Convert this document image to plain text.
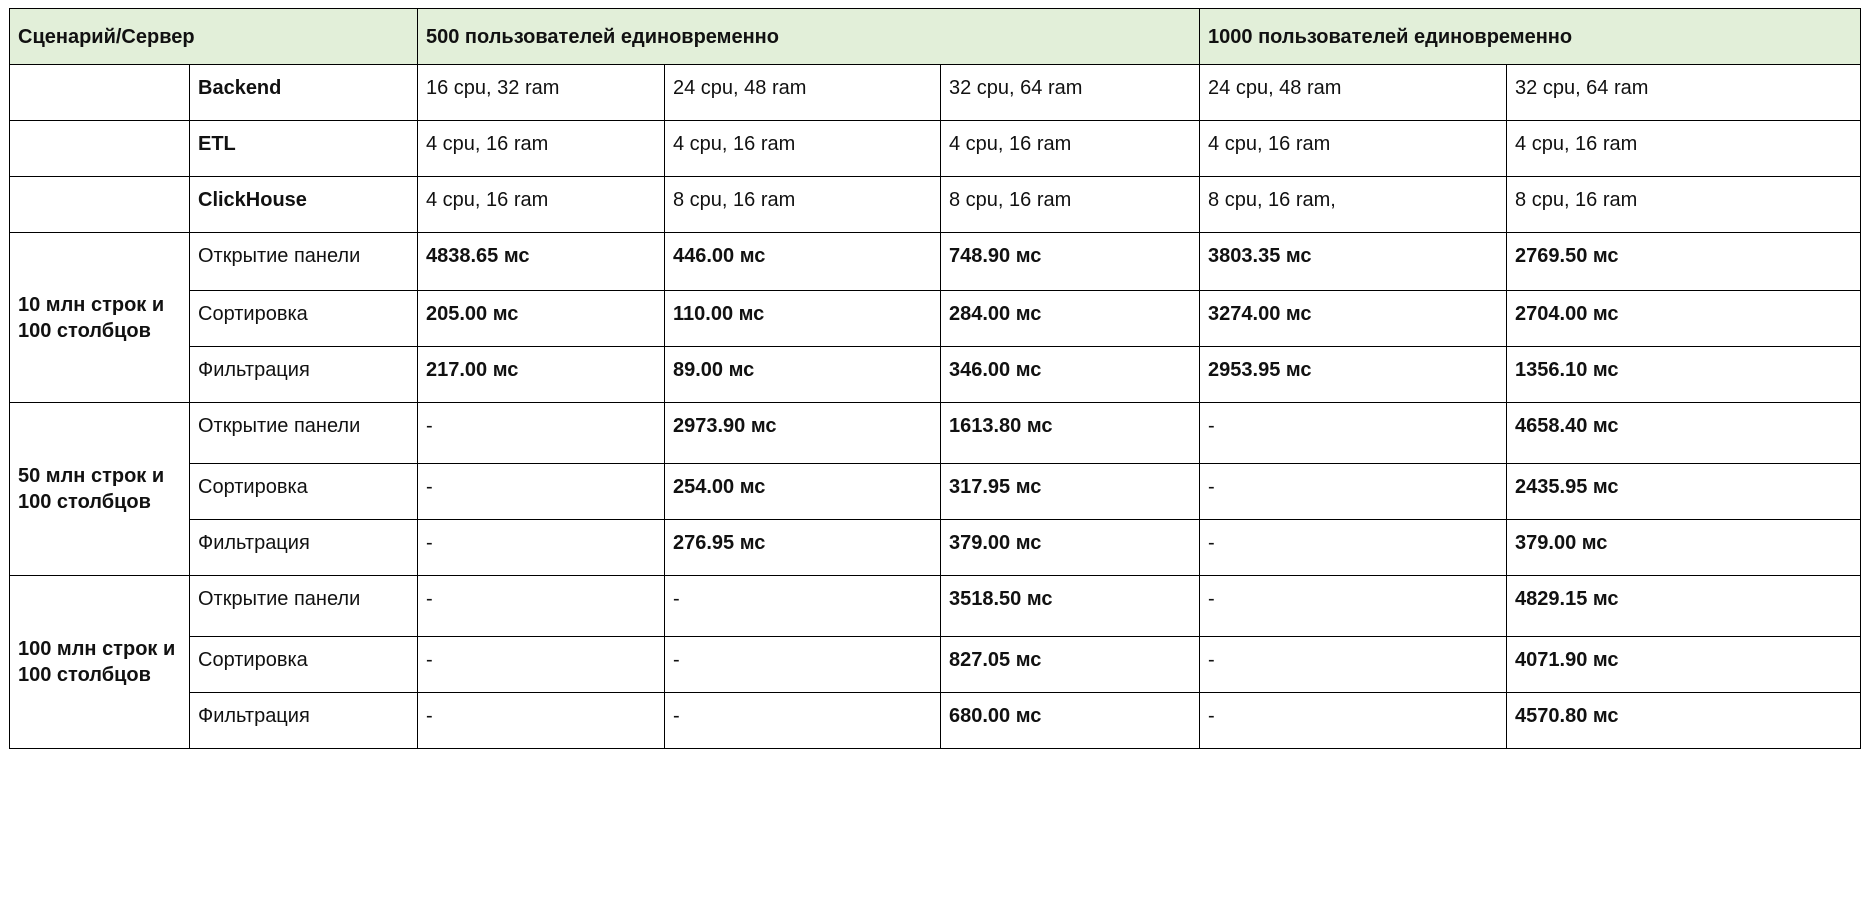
Сценарий/Сервер		500 пользователей единовременно			1000 пользователей единовременно	
	Backend	16 cpu, 32 ram	24 cpu, 48 ram	32 cpu, 64 ram	24 cpu, 48 ram	32 cpu, 64 ram
	ETL	4 cpu, 16 ram	4 cpu, 16 ram	4 cpu, 16 ram	4 cpu, 16 ram	4 cpu, 16 ram
	ClickHouse	4 cpu, 16 ram	8 cpu, 16 ram	8 cpu, 16 ram	8 cpu, 16 ram,	8 cpu, 16 ram
10 млн строк и 100 столбцов	Открытие панели	4838.65 мс	446.00 мс	748.90 мс	3803.35 мс	2769.50 мс
	Сортировка	205.00 мс	110.00 мс	284.00 мс	3274.00 мс	2704.00 мс
	Фильтрация	217.00 мс	89.00 мс	346.00 мс	2953.95 мс	1356.10 мс
50 млн строк и 100 столбцов	Открытие панели	-	2973.90 мс	1613.80 мс	-	4658.40 мс
	Сортировка	-	254.00 мс	317.95 мс	-	2435.95 мс
	Фильтрация	-	276.95 мс	379.00 мс	-	379.00 мс
100 млн строк и 100 столбцов	Открытие панели	-	-	3518.50 мс	-	4829.15 мс
	Сортировка	-	-	827.05 мс	-	4071.90 мс
	Фильтрация	-	-	680.00 мс	-	4570.80 мс
